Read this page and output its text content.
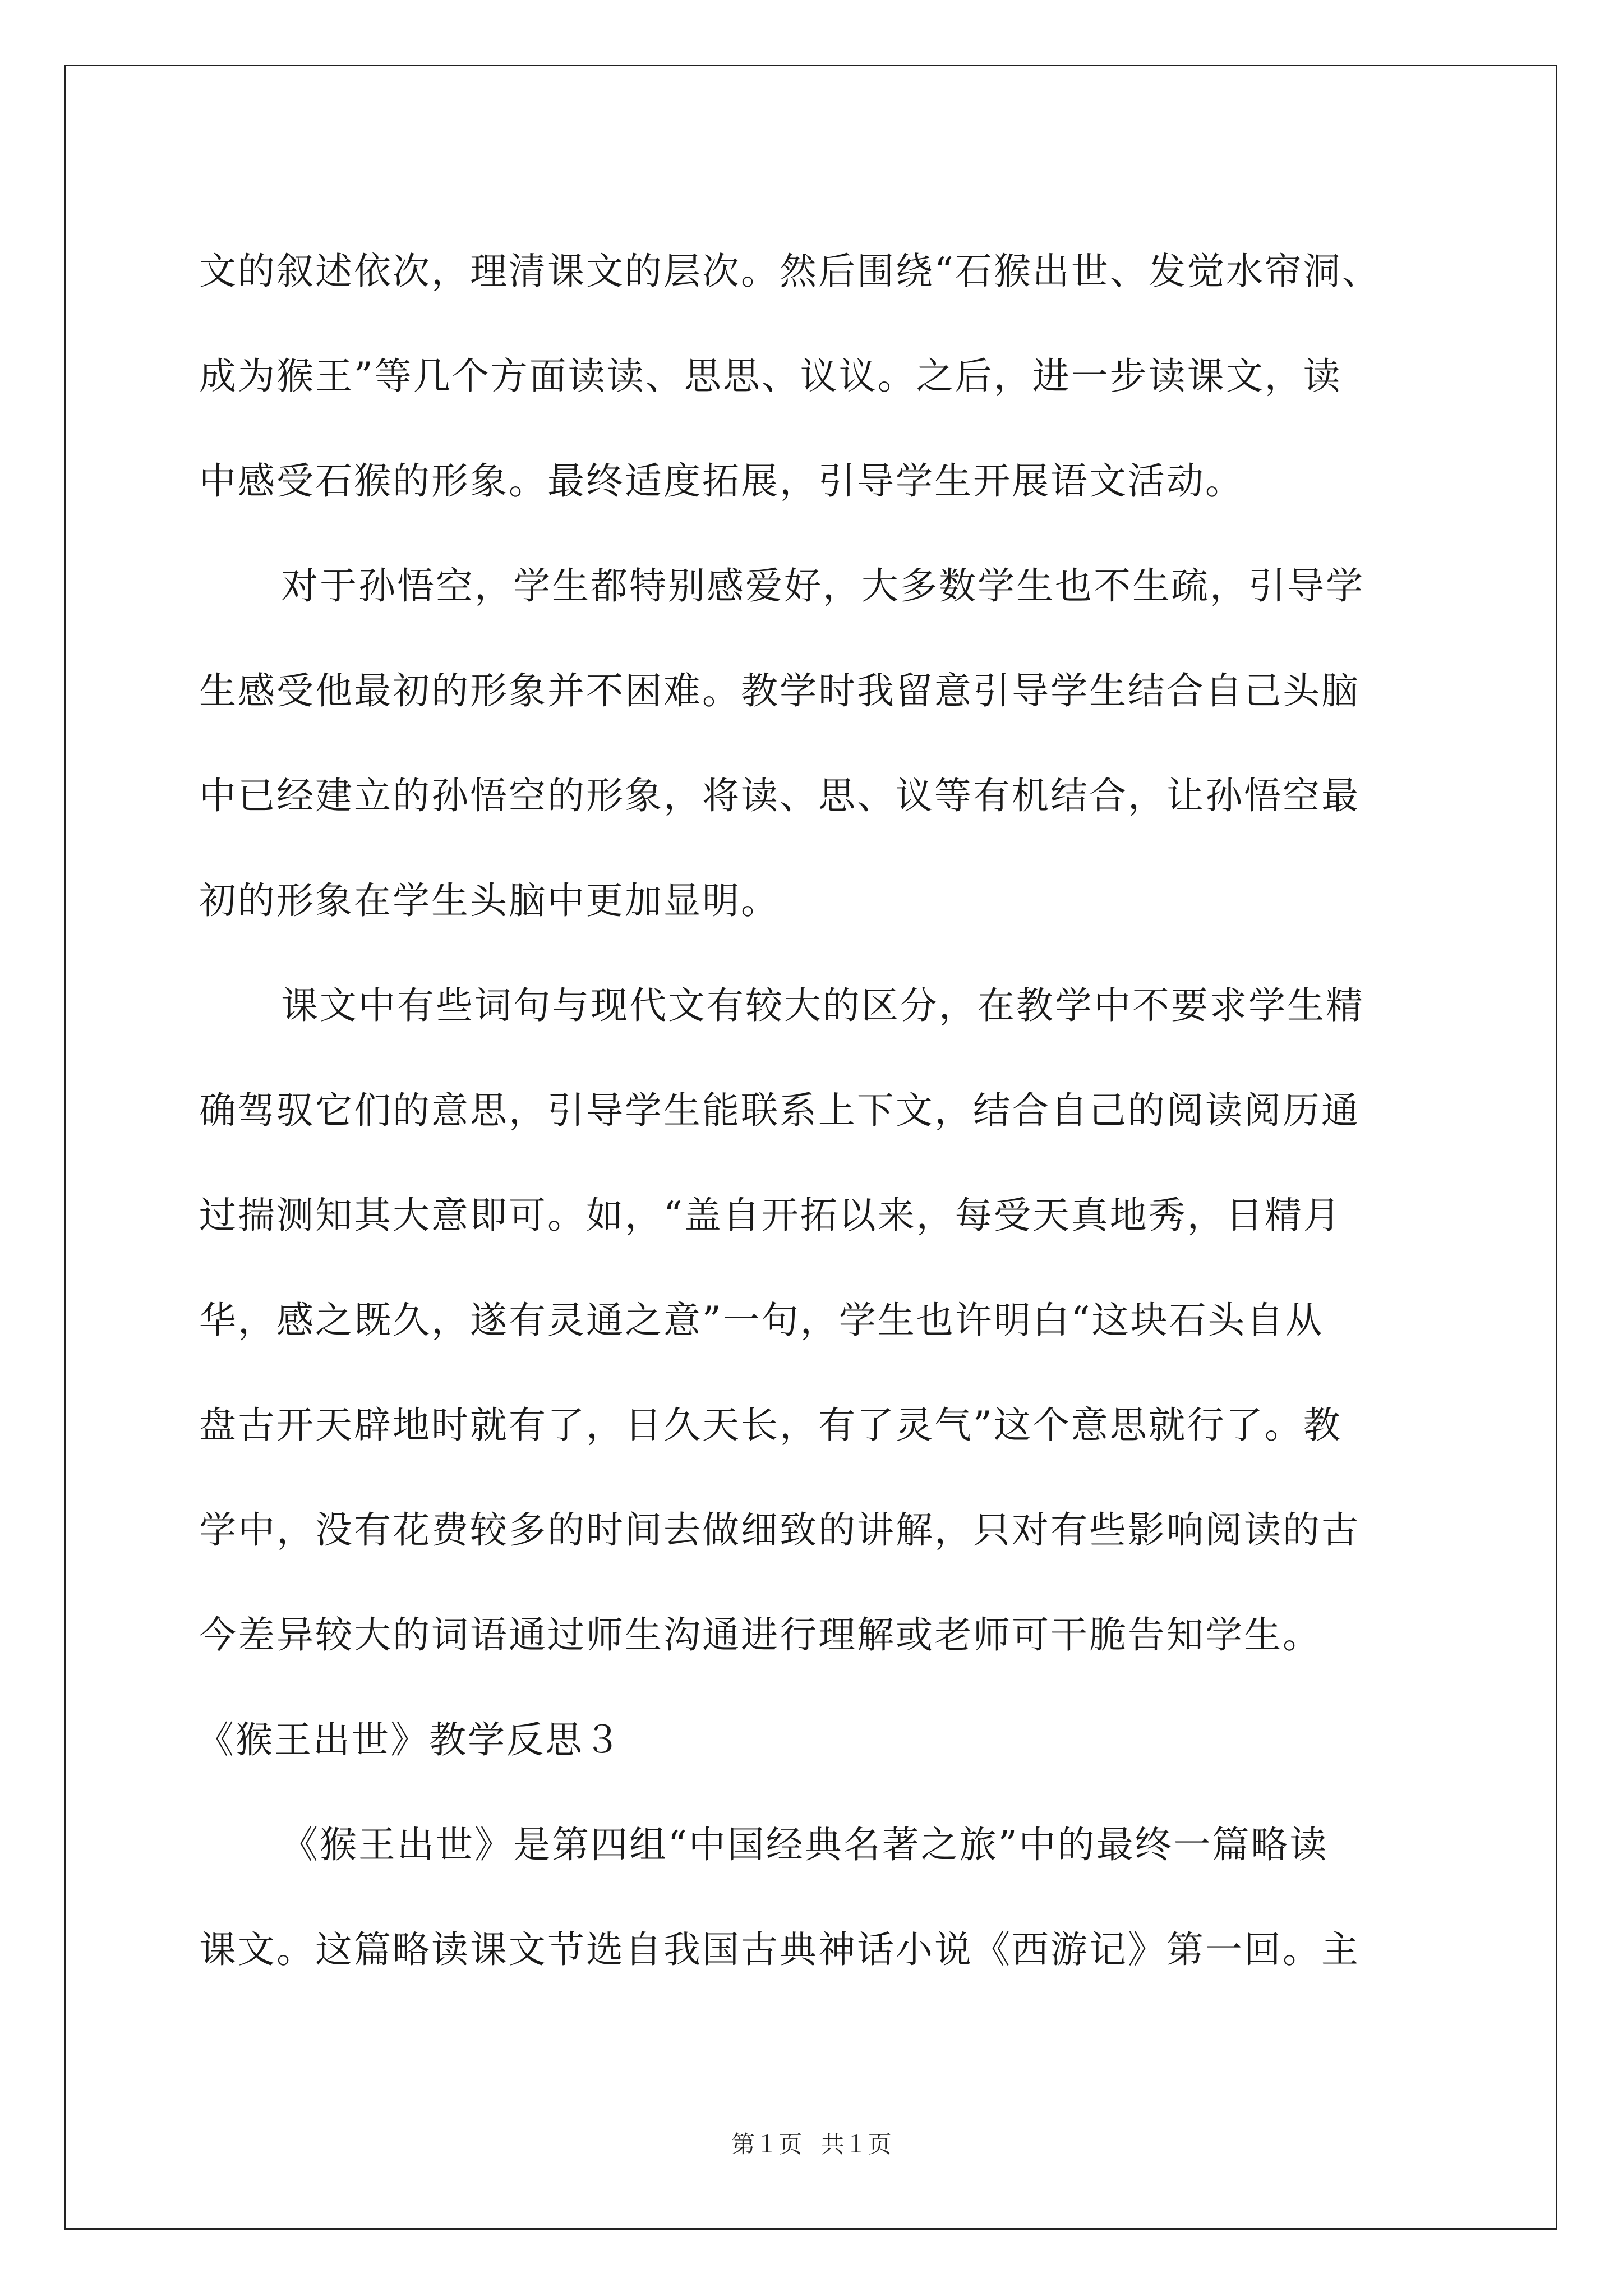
文的叙述依次，理清课文的层次。然后围绕“石猴出世、发觉水帘洞、
成为猴王”等几个方面读读、思思、议议。之后，进一步读课文，读
中感受石猴的形象。最终适度拓展，引导学生开展语文活动。

对于孙悟空，学生都特别感爱好，大多数学生也不生疏，引导学
生感受他最初的形象并不困难。教学时我留意引导学生结合自己头脑
中已经建立的孙悟空的形象，将读、思、议等有机结合，让孙悟空最
初的形象在学生头脑中更加显明。

课文中有些词句与现代文有较大的区分，在教学中不要求学生精
确驾驭它们的意思，引导学生能联系上下文，结合自己的阅读阅历通
过揣测知其大意即可。如，“盖自开拓以来，每受天真地秀，日精月
华，感之既久，遂有灵通之意”一句，学生也许明白“这块石头自从
盘古开天辟地时就有了，日久天长，有了灵气”这个意思就行了。教
学中，没有花费较多的时间去做细致的讲解，只对有些影响阅读的古
今差异较大的词语通过师生沟通进行理解或老师可干脆告知学生。

《猴王出世》教学反思３

《猴王出世》是第四组“中国经典名著之旅”中的最终一篇略读
课文。这篇略读课文节选自我国古典神话小说《西游记》第一回。主

第１页 共１页
